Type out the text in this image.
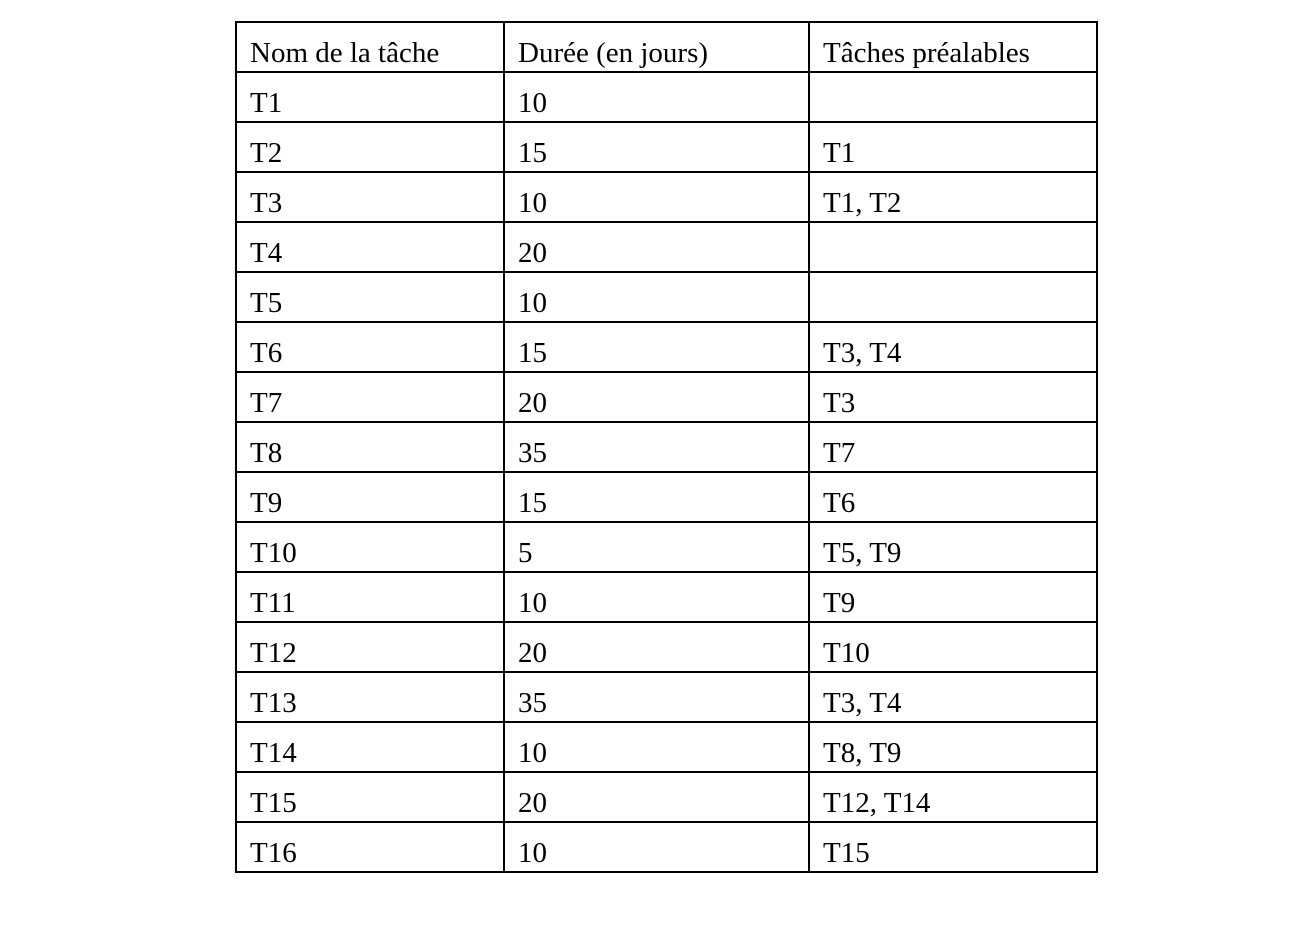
Nom de la tâche	Durée (en jours)	Tâches préalables
T1	10	
T2	15	T1
T3	10	T1, T2
T4	20	
T5	10	
T6	15	T3, T4
T7	20	T3
T8	35	T7
T9	15	T6
T10	5	T5, T9
T11	10	T9
T12	20	T10
T13	35	T3, T4
T14	10	T8, T9
T15	20	T12, T14
T16	10	T15
